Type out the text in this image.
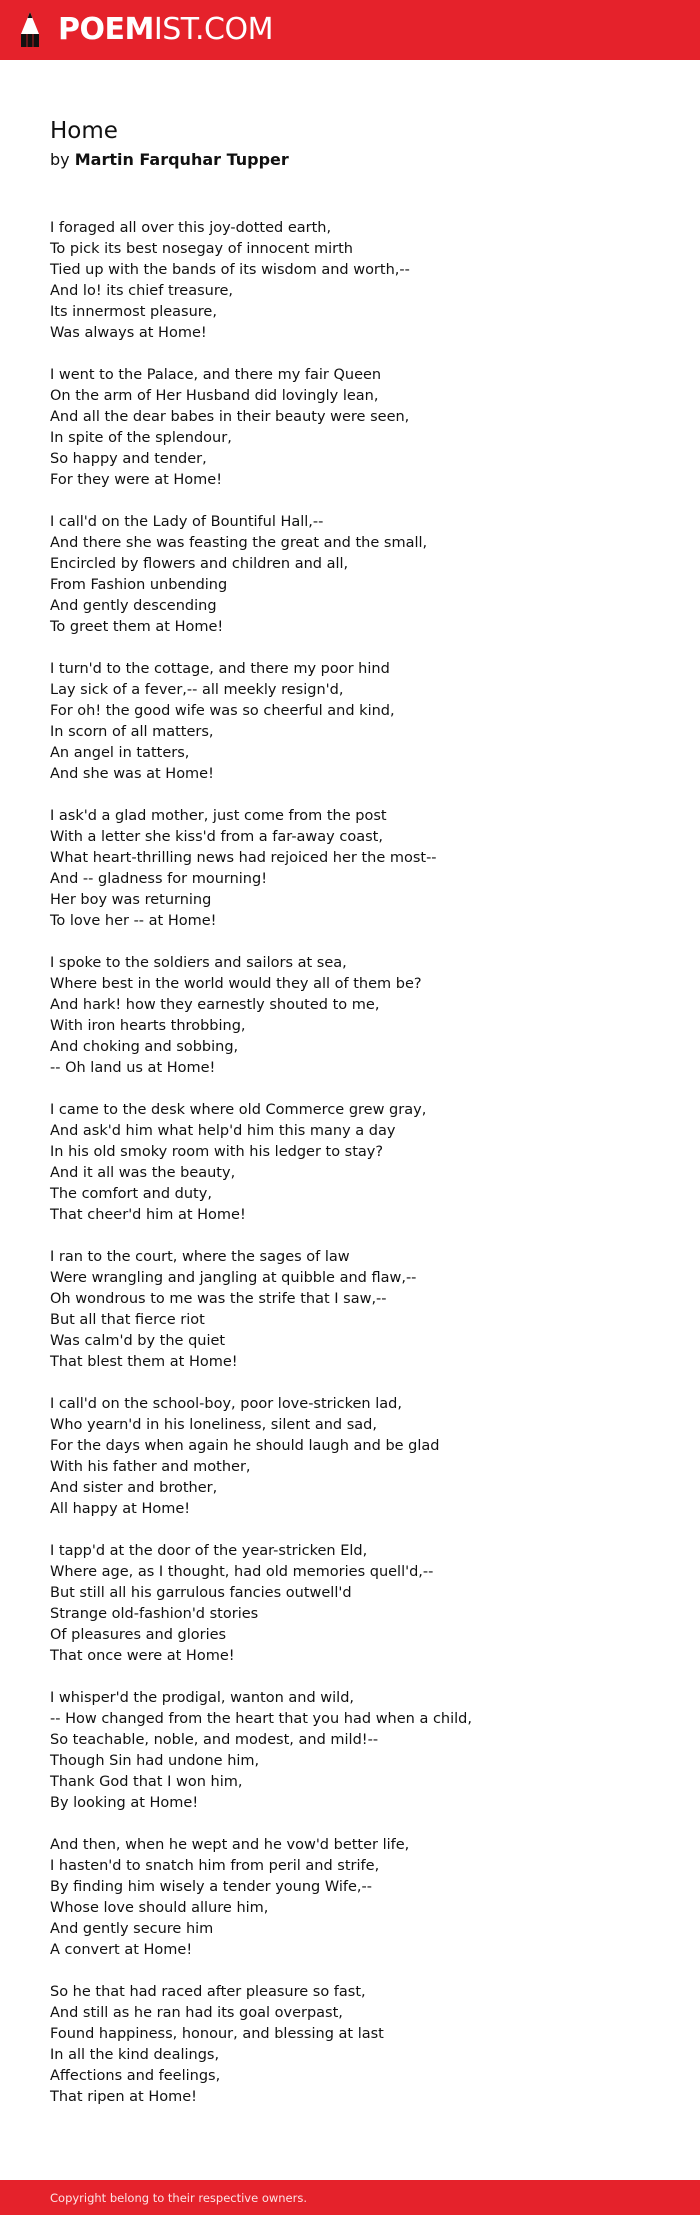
POEMIST.COM
Home
by Martin Farquhar Tupper
I foraged all over this joy-dotted earth,
To pick its best nosegay of innocent mirth
Tied up with the bands of its wisdom and worth,--
And lo! its chief treasure,
Its innermost pleasure,
Was always at Home!
I went to the Palace, and there my fair Queen
On the arm of Her Husband did lovingly lean,
And all the dear babes in their beauty were seen,
In spite of the splendour,
So happy and tender,
For they were at Home!
I call'd on the Lady of Bountiful Hall,--
And there she was feasting the great and the small,
Encircled by flowers and children and all,
From Fashion unbending
And gently descending
To greet them at Home!
I turn'd to the cottage, and there my poor hind
Lay sick of a fever,-- all meekly resign'd,
For oh! the good wife was so cheerful and kind,
In scorn of all matters,
An angel in tatters,
And she was at Home!
I ask'd a glad mother, just come from the post
With a letter she kiss'd from a far-away coast,
What heart-thrilling news had rejoiced her the most--
And -- gladness for mourning!
Her boy was returning
To love her -- at Home!
I spoke to the soldiers and sailors at sea,
Where best in the world would they all of them be?
And hark! how they earnestly shouted to me,
With iron hearts throbbing,
And choking and sobbing,
-- Oh land us at Home!
I came to the desk where old Commerce grew gray,
And ask'd him what help'd him this many a day
In his old smoky room with his ledger to stay?
And it all was the beauty,
The comfort and duty,
That cheer'd him at Home!
I ran to the court, where the sages of law
Were wrangling and jangling at quibble and flaw,--
Oh wondrous to me was the strife that I saw,--
But all that fierce riot
Was calm'd by the quiet
That blest them at Home!
I call'd on the school-boy, poor love-stricken lad,
Who yearn'd in his loneliness, silent and sad,
For the days when again he should laugh and be glad
With his father and mother,
And sister and brother,
All happy at Home!
I tapp'd at the door of the year-stricken Eld,
Where age, as I thought, had old memories quell'd,--
But still all his garrulous fancies outwell'd
Strange old-fashion'd stories
Of pleasures and glories
That once were at Home!
I whisper'd the prodigal, wanton and wild,
-- How changed from the heart that you had when a child,
So teachable, noble, and modest, and mild!--
Though Sin had undone him,
Thank God that I won him,
By looking at Home!
And then, when he wept and he vow'd better life,
I hasten'd to snatch him from peril and strife,
By finding him wisely a tender young Wife,--
Whose love should allure him,
And gently secure him
A convert at Home!
So he that had raced after pleasure so fast,
And still as he ran had its goal overpast,
Found happiness, honour, and blessing at last
In all the kind dealings,
Affections and feelings,
That ripen at Home!
Copyright belong to their respective owners.
